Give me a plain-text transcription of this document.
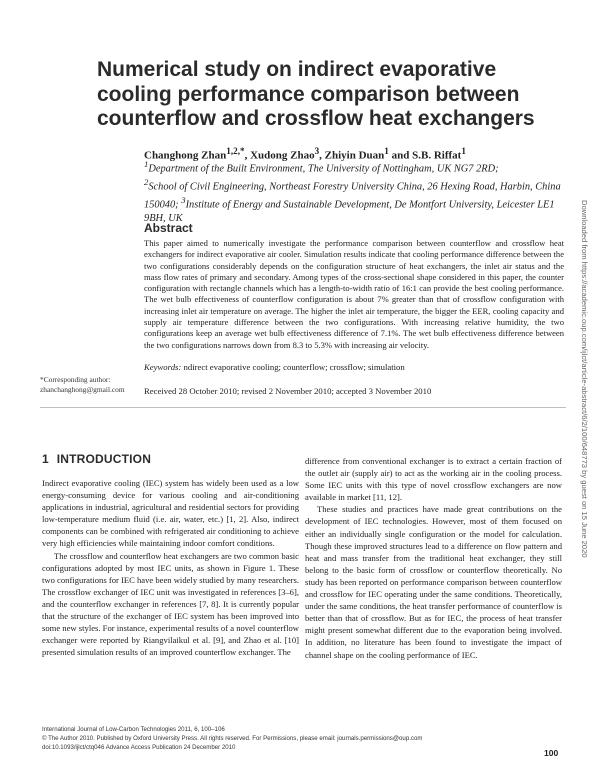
Numerical study on indirect evaporative cooling performance comparison between counterflow and crossflow heat exchangers

Changhong Zhan$^{1,2,*}$, Xudong Zhao$^3$, Zhiyin Duan$^1$ and S.B. Riffat$^1$

$^1$Department of the Built Environment, The University of Nottingham, UK NG7 2RD;
$^2$School of Civil Engineering, Northeast Forestry University China, 26 Hexing Road, Harbin, China 150040; $^3$Institute of Energy and Sustainable Development, De Montfort University, Leicester LE1 9BH, UK

Abstract

This paper aimed to numerically investigate the performance comparison between counterflow and crossflow heat exchangers for indirect evaporative air cooler. Simulation results indicate that cooling performance difference between the two configurations considerably depends on the configuration structure of heat exchangers, the inlet air status and the mass flow rates of primary and secondary. Among types of the cross-sectional shape considered in this paper, the counter configuration with rectangle channels which has a length-to-width ratio of 16:1 can provide the best cooling performance. The wet bulb effectiveness of counterflow configuration is about 7% greater than that of crossflow configuration with increasing inlet air temperature on average. The higher the inlet air temperature, the bigger the EER, cooling capacity and supply air temperature difference between the two configurations. With increasing relative humidity, the two configurations keep an average wet bulb effectiveness difference of 7.1%. The wet bulb effectiveness difference between the two configurations narrows down from 8.3 to 5.3% with increasing air velocity.

Keywords: ndirect evaporative cooling; counterflow; crossflow; simulation

*Corresponding author:
zhanchanghong@gmail.com	Received 28 October 2010; revised 2 November 2010; accepted 3 November 2010

1 INTRODUCTION

Indirect evaporative cooling (IEC) system has widely been used as a low energy-consuming device for various cooling and air-conditioning applications in industrial, agricultural and residential sectors for providing low-temperature medium fluid (i.e. air, water, etc.) [1, 2]. Also, indirect components can be combined with refrigerated air conditioning to achieve very high efficiencies while maintaining indoor comfort conditions.

The crossflow and counterflow heat exchangers are two common basic configurations adopted by most IEC units, as shown in Figure 1. These two configurations for IEC have been widely studied by many researchers. The crossflow exchanger of IEC unit was investigated in references [3–6], and the counterflow exchanger in references [7, 8]. It is currently popular that the structure of the exchanger of IEC system has been improved into some new styles. For instance, experimental results of a novel counterflow exchanger were reported by Riangvilaikul et al. [9], and Zhao et al. [10] presented simulation results of an improved counterflow exchanger. The

difference from conventional exchanger is to extract a certain fraction of the outlet air (supply air) to act as the working air in the cooling process. Some IEC units with this type of novel crossflow exchangers are now available in market [11, 12].

These studies and practices have made great contributions on the development of IEC technologies. However, most of them focused on either an individually single configuration or the model for calculation. Though these improved structures lead to a difference on flow pattern and heat and mass transfer from the traditional heat exchanger, they still belong to the basic form of crossflow or counterflow theoretically. No study has been reported on performance comparison between counterflow and crossflow for IEC operating under the same conditions. Theoretically, under the same conditions, the heat transfer performance of counterflow is better than that of crossflow. But as for IEC, the process of heat transfer might present somewhat different due to the evaporation being involved. In addition, no literature has been found to investigate the impact of channel shape on the cooling performance of IEC.

Downloaded from https://academic.oup.com/ijlct/article-abstract/6/2/100/648773 by guest on 15 June 2020

International Journal of Low-Carbon Technologies 2011, 6, 100–106
© The Author 2010. Published by Oxford University Press. All rights reserved. For Permissions, please email: journals.permissions@oup.com
doi:10.1093/ijlct/ctq046 Advance Access Publication 24 December 2010

100
